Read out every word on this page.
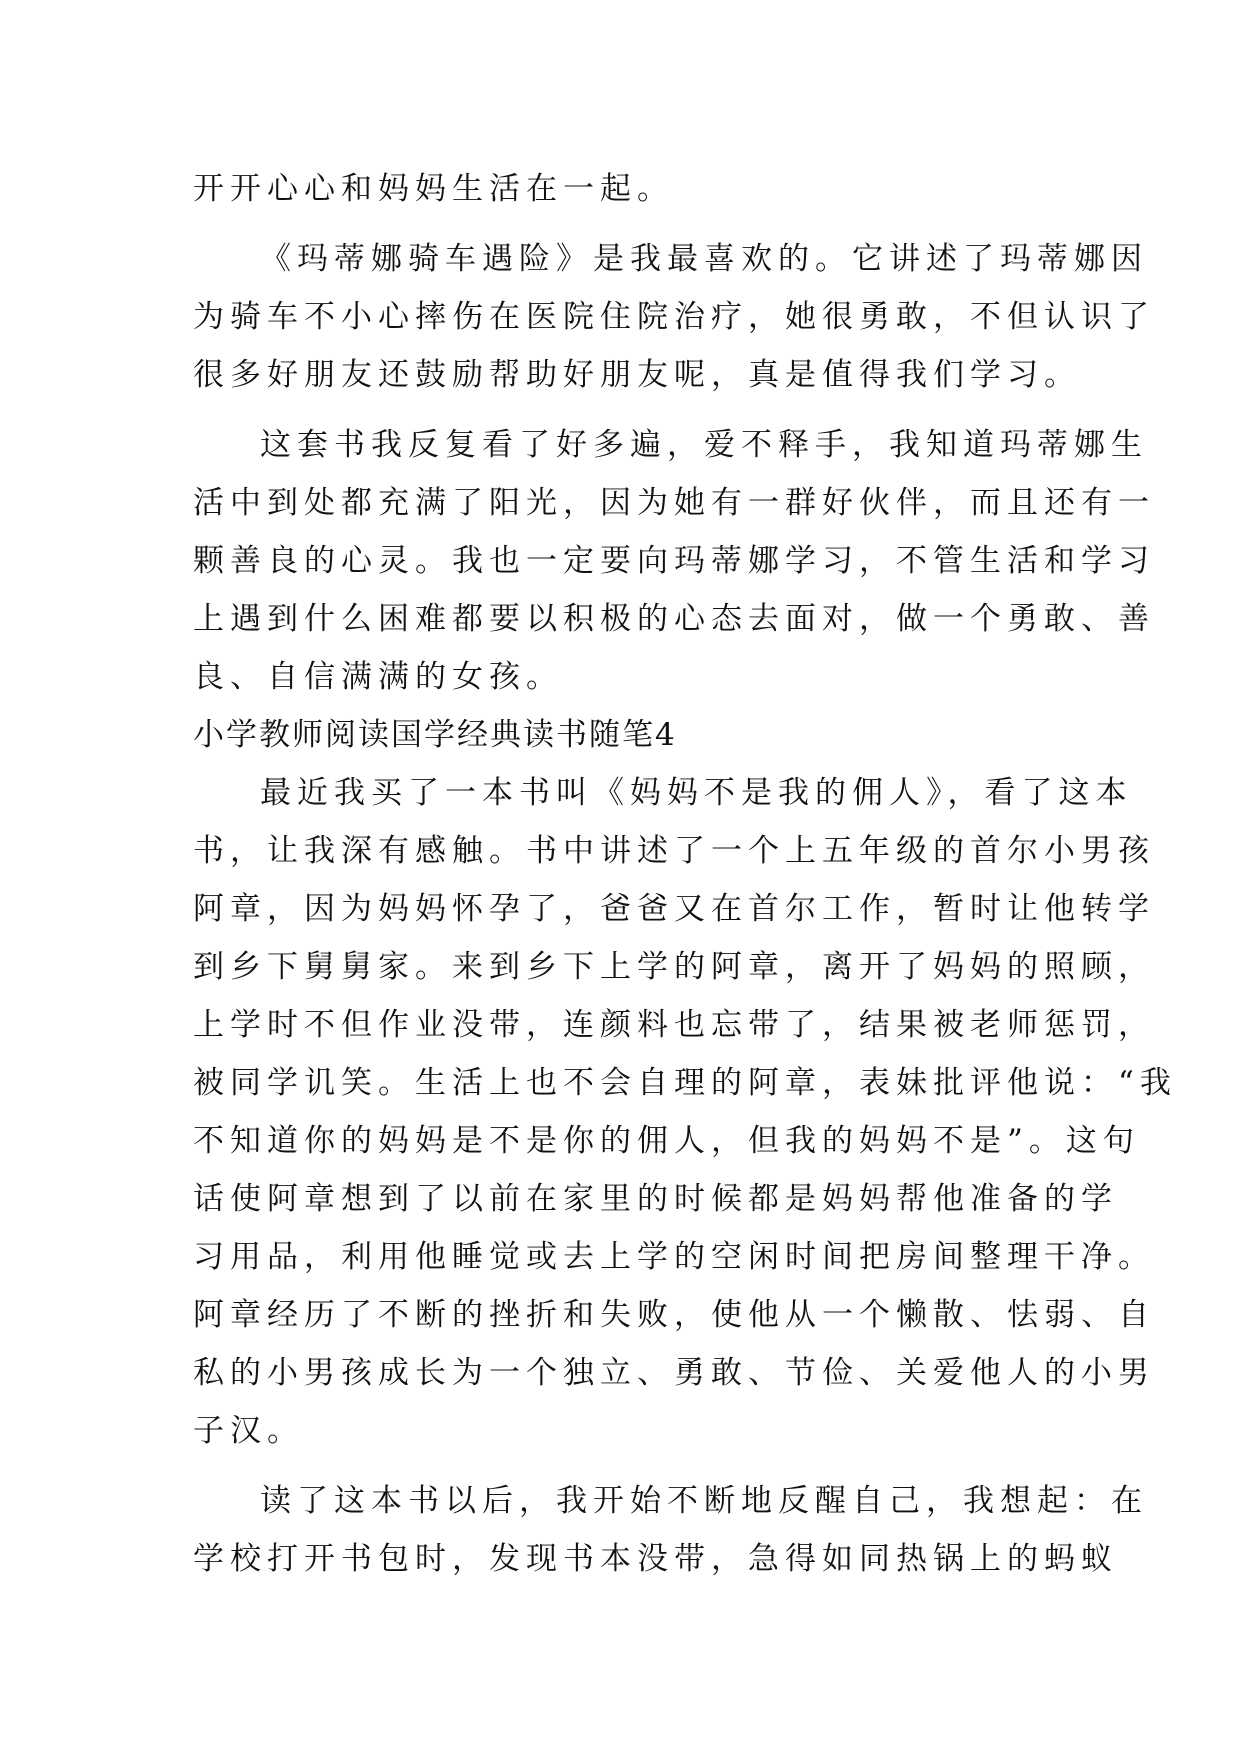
开开心心和妈妈生活在一起。
《玛蒂娜骑车遇险》是我最喜欢的。它讲述了玛蒂娜因
为骑车不小心摔伤在医院住院治疗，她很勇敢，不但认识了
很多好朋友还鼓励帮助好朋友呢，真是值得我们学习。
这套书我反复看了好多遍，爱不释手，我知道玛蒂娜生
活中到处都充满了阳光，因为她有一群好伙伴，而且还有一
颗善良的心灵。我也一定要向玛蒂娜学习，不管生活和学习
上遇到什么困难都要以积极的心态去面对，做一个勇敢、善
良、自信满满的女孩。
小学教师阅读国学经典读书随笔4
最近我买了一本书叫《妈妈不是我的佣人》，看了这本
书，让我深有感触。书中讲述了一个上五年级的首尔小男孩
阿章，因为妈妈怀孕了，爸爸又在首尔工作，暂时让他转学
到乡下舅舅家。来到乡下上学的阿章，离开了妈妈的照顾，
上学时不但作业没带，连颜料也忘带了，结果被老师惩罚，
被同学讥笑。生活上也不会自理的阿章，表妹批评他说：“我
不知道你的妈妈是不是你的佣人，但我的妈妈不是”。这句
话使阿章想到了以前在家里的时候都是妈妈帮他准备的学
习用品，利用他睡觉或去上学的空闲时间把房间整理干净。
阿章经历了不断的挫折和失败，使他从一个懒散、怯弱、自
私的小男孩成长为一个独立、勇敢、节俭、关爱他人的小男
子汉。
读了这本书以后，我开始不断地反醒自己，我想起：在
学校打开书包时，发现书本没带，急得如同热锅上的蚂蚁
